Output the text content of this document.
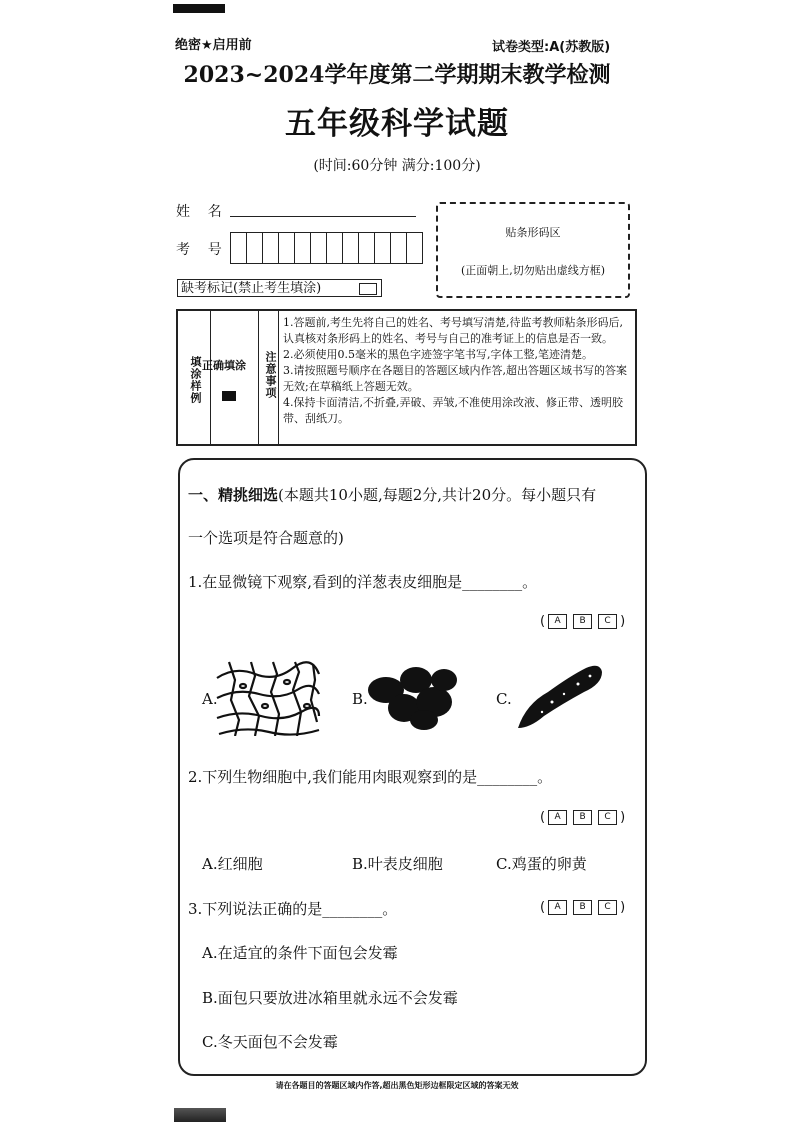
绝密★启用前	试卷类型:A(苏教版)
2023~2024学年度第二学期期末教学检测
五年级科学试题
(时间:60分钟 满分:100分)
姓    名
考    号
缺考标记(禁止考生填涂)
贴条形码区
(正面朝上,切勿贴出虚线方框)
填涂样例 正确填涂 注意事项
1.答题前,考生先将自己的姓名、考号填写清楚,待监考教师粘条形码后,认真核对条形码上的姓名、考号与自己的准考证上的信息是否一致。
2.必须使用0.5毫米的黑色字迹签字笔书写,字体工整,笔迹清楚。
3.请按照题号顺序在各题目的答题区域内作答,超出答题区域书写的答案无效;在草稿纸上答题无效。
4.保持卡面清洁,不折叠,弄破、弄皱,不准使用涂改液、修正带、透明胶带、刮纸刀。
一、精挑细选(本题共10小题,每题2分,共计20分。每小题只有
一个选项是符合题意的)
1.在显微镜下观察,看到的洋葱表皮细胞是________。
(	A	B	C )
A.	B.	C.
2.下列生物细胞中,我们能用肉眼观察到的是________。
(	A	B	C )
A.红细胞	B.叶表皮细胞	C.鸡蛋的卵黄
3.下列说法正确的是________。	(	A	B	C )
A.在适宜的条件下面包会发霉
B.面包只要放进冰箱里就永远不会发霉
C.冬天面包不会发霉
请在各题目的答题区域内作答,超出黑色矩形边框限定区域的答案无效
